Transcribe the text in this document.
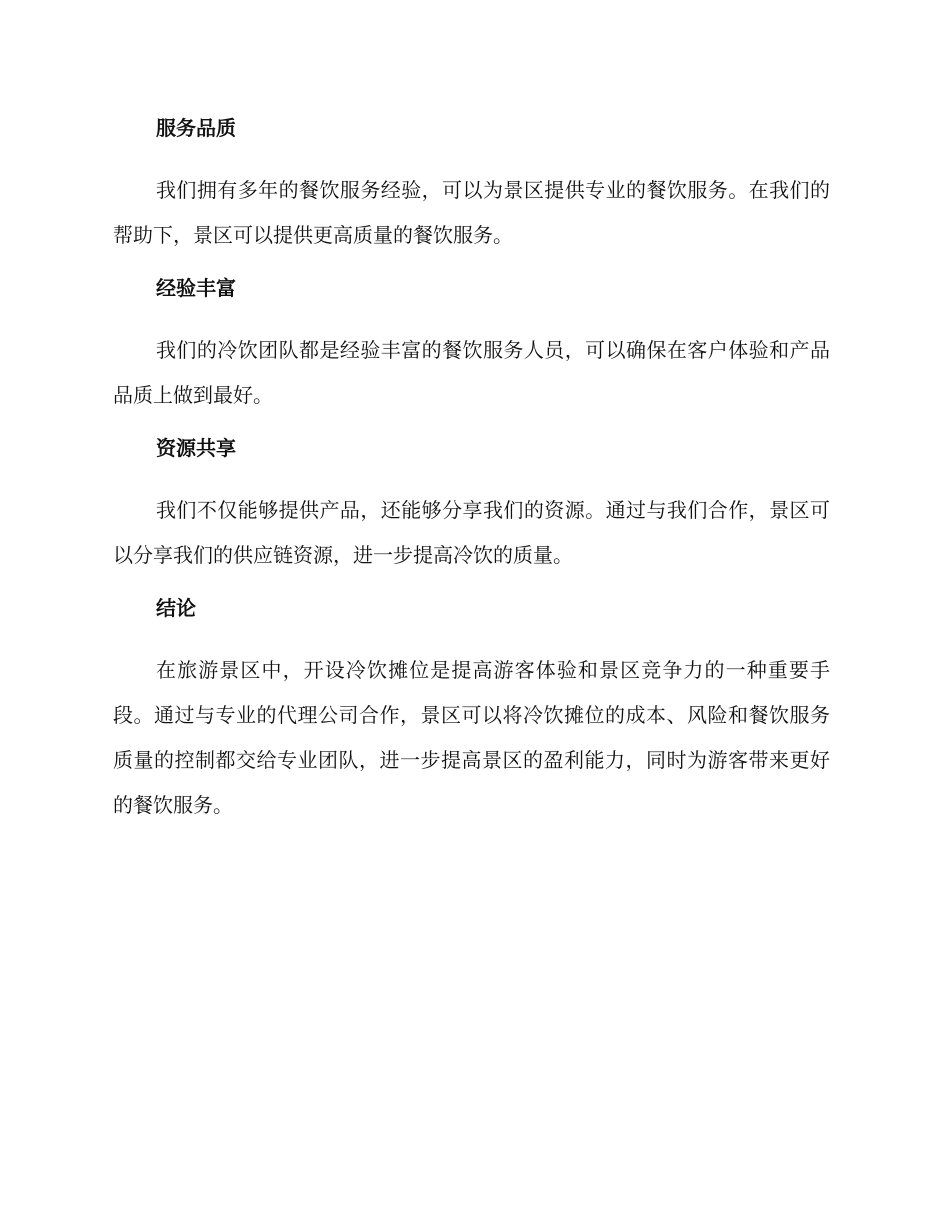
服务品质

我们拥有多年的餐饮服务经验，可以为景区提供专业的餐饮服务。在我们的帮助下，景区可以提供更高质量的餐饮服务。

经验丰富

我们的冷饮团队都是经验丰富的餐饮服务人员，可以确保在客户体验和产品品质上做到最好。

资源共享

我们不仅能够提供产品，还能够分享我们的资源。通过与我们合作，景区可以分享我们的供应链资源，进一步提高冷饮的质量。

结论

在旅游景区中，开设冷饮摊位是提高游客体验和景区竞争力的一种重要手段。通过与专业的代理公司合作，景区可以将冷饮摊位的成本、风险和餐饮服务质量的控制都交给专业团队，进一步提高景区的盈利能力，同时为游客带来更好的餐饮服务。
